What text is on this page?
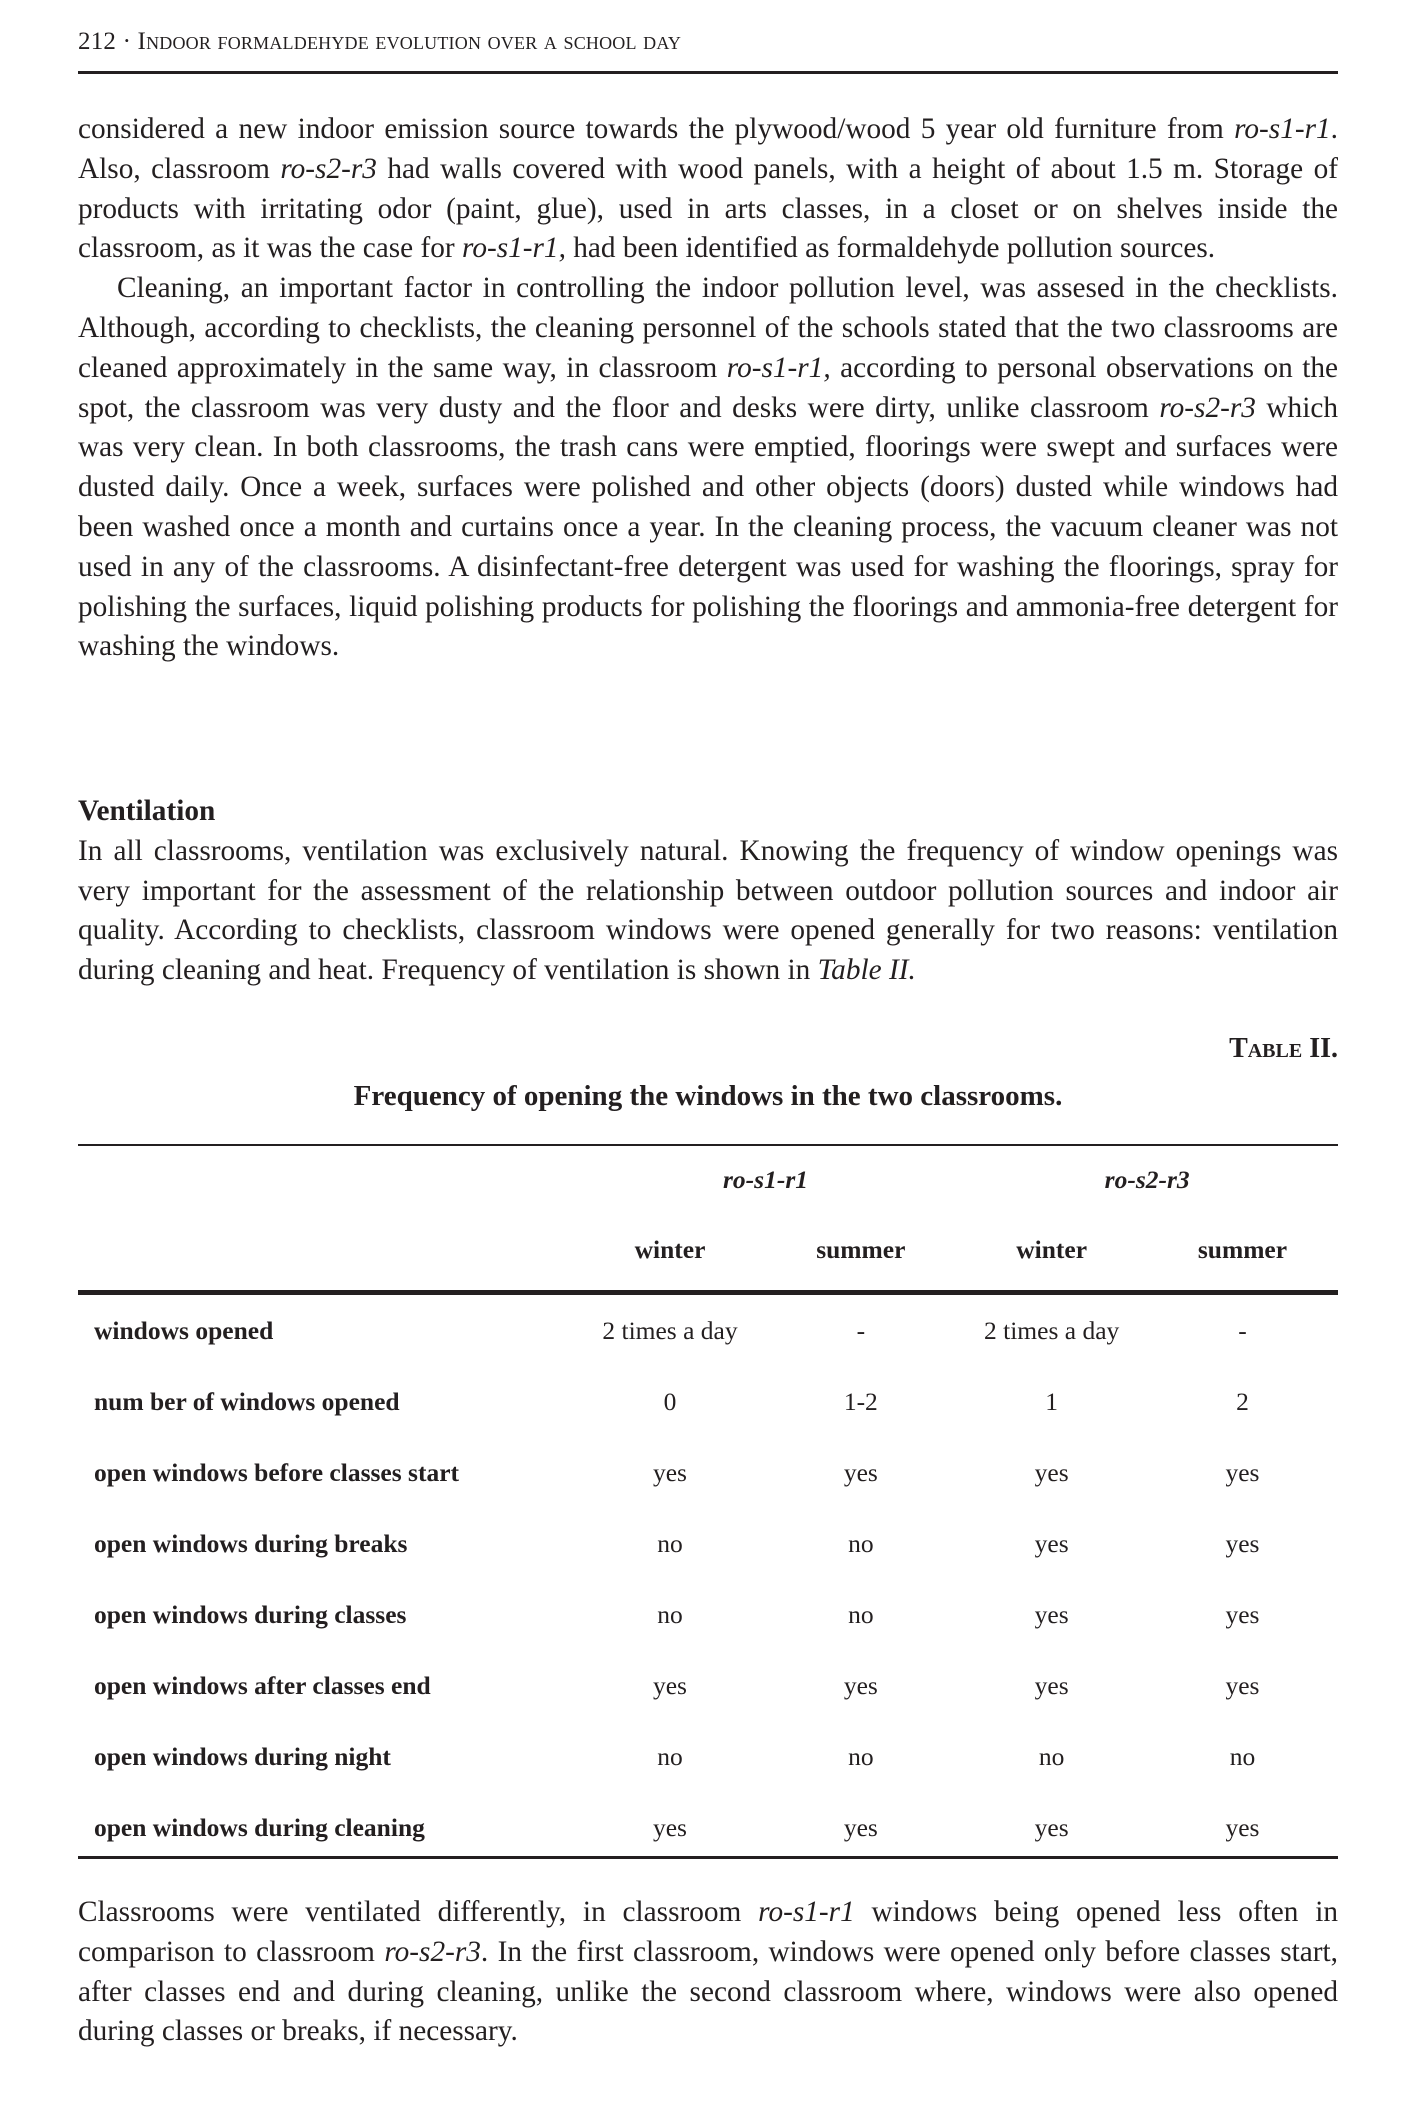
212 · Indoor formaldehyde evolution over a school day

considered a new indoor emission source towards the plywood/wood 5 year old furniture from ro-s1-r1. Also, classroom ro-s2-r3 had walls covered with wood panels, with a height of about 1.5 m. Storage of products with irritating odor (paint, glue), used in arts classes, in a closet or on shelves inside the classroom, as it was the case for ro-s1-r1, had been identified as formaldehyde pollution sources.

Cleaning, an important factor in controlling the indoor pollution level, was assesed in the checklists. Although, according to checklists, the cleaning personnel of the schools stated that the two classrooms are cleaned approximately in the same way, in classroom ro-s1-r1, according to personal observations on the spot, the classroom was very dusty and the floor and desks were dirty, unlike classroom ro-s2-r3 which was very clean. In both classrooms, the trash cans were emptied, floorings were swept and surfaces were dusted daily. Once a week, surfaces were polished and other objects (doors) dusted while windows had been washed once a month and curtains once a year. In the cleaning process, the vacuum cleaner was not used in any of the classrooms. A disinfectant-free detergent was used for washing the floorings, spray for polishing the surfaces, liquid polishing products for polishing the floorings and ammonia-free detergent for washing the windows.

Ventilation

In all classrooms, ventilation was exclusively natural. Knowing the frequency of window openings was very important for the assessment of the relationship between outdoor pollution sources and indoor air quality. According to checklists, classroom windows were opened generally for two reasons: ventilation during cleaning and heat. Frequency of ventilation is shown in Table II.

Table II.
Frequency of opening the windows in the two classrooms.
	ro-s1-r1		ro-s2-r3	
	winter	summer	winter	summer
windows opened	2 times a day	-	2 times a day	-
num ber of windows opened	0	1-2	1	2
open windows before classes start	yes	yes	yes	yes
open windows during breaks	no	no	yes	yes
open windows during classes	no	no	yes	yes
open windows after classes end	yes	yes	yes	yes
open windows during night	no	no	no	no
open windows during cleaning	yes	yes	yes	yes

Classrooms were ventilated differently, in classroom ro-s1-r1 windows being opened less often in comparison to classroom ro-s2-r3. In the first classroom, windows were opened only before classes start, after classes end and during cleaning, unlike the second classroom where, windows were also opened during classes or breaks, if necessary.
